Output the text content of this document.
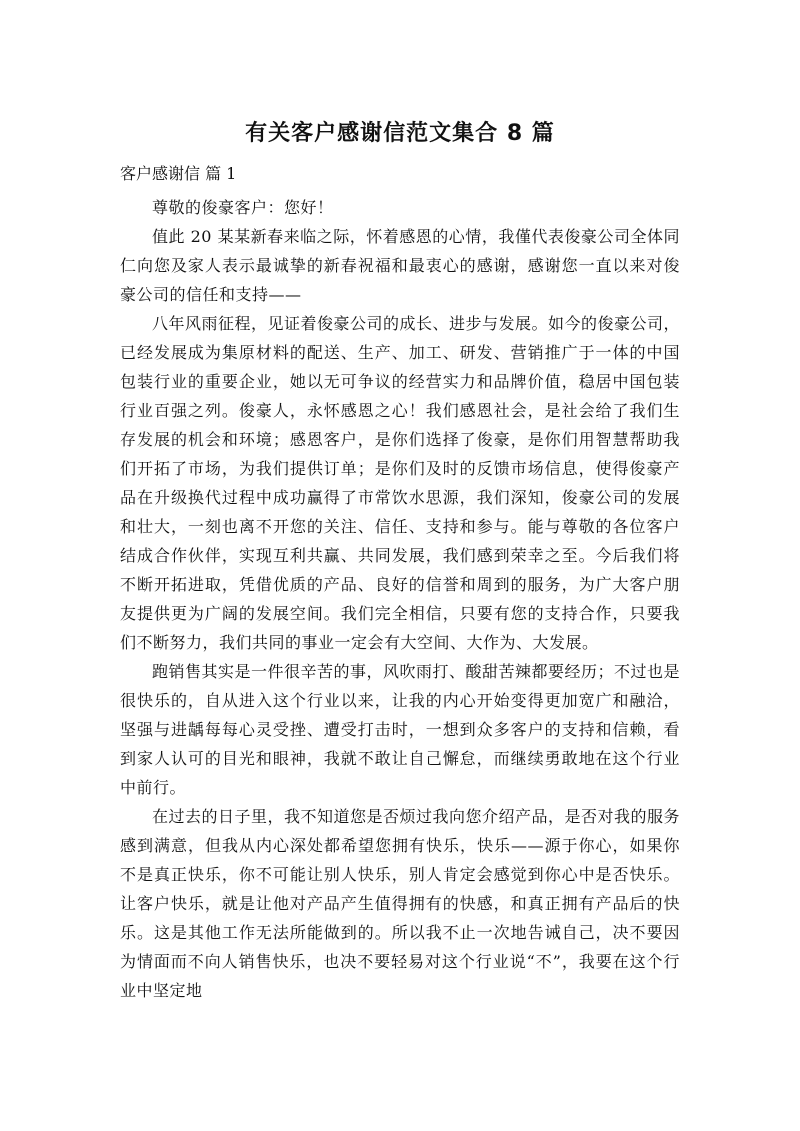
有关客户感谢信范文集合 8 篇
客户感谢信 篇 1

尊敬的俊豪客户：您好！

值此 20 某某新春来临之际，怀着感恩的心情，我僅代表俊豪公司全体同仁向您及家人表示最诚挚的新春祝福和最衷心的感谢，感谢您一直以来对俊豪公司的信任和支持——

八年风雨征程，见证着俊豪公司的成长、进步与发展。如今的俊豪公司，已经发展成为集原材料的配送、生产、加工、研发、营销推广于一体的中国包装行业的重要企业，她以无可争议的经营实力和品牌价值，稳居中国包装行业百强之列。俊豪人，永怀感恩之心！我们感恩社会，是社会给了我们生存发展的机会和环境；感恩客户，是你们选择了俊豪，是你们用智慧帮助我们开拓了市场，为我们提供订单；是你们及时的反馈市场信息，使得俊豪产品在升级换代过程中成功赢得了市常饮水思源，我们深知，俊豪公司的发展和壮大，一刻也离不开您的关注、信任、支持和参与。能与尊敬的各位客户结成合作伙伴，实现互利共赢、共同发展，我们感到荣幸之至。今后我们将不断开拓进取，凭借优质的产品、良好的信誉和周到的服务，为广大客户朋友提供更为广阔的发展空间。我们完全相信，只要有您的支持合作，只要我们不断努力，我们共同的事业一定会有大空间、大作为、大发展。

跑销售其实是一件很辛苦的事，风吹雨打、酸甜苦辣都要经历；不过也是很快乐的，自从进入这个行业以来，让我的内心开始变得更加宽广和融洽，坚强与进龋每每心灵受挫、遭受打击时，一想到众多客户的支持和信赖，看到家人认可的目光和眼神，我就不敢让自己懈怠，而继续勇敢地在这个行业中前行。

在过去的日子里，我不知道您是否烦过我向您介绍产品，是否对我的服务感到满意，但我从内心深处都希望您拥有快乐，快乐——源于你心，如果你不是真正快乐，你不可能让别人快乐，别人肯定会感觉到你心中是否快乐。让客户快乐，就是让他对产品产生值得拥有的快感，和真正拥有产品后的快乐。这是其他工作无法所能做到的。所以我不止一次地告诫自己，决不要因为情面而不向人销售快乐，也决不要轻易对这个行业说“不”，我要在这个行业中坚定地
